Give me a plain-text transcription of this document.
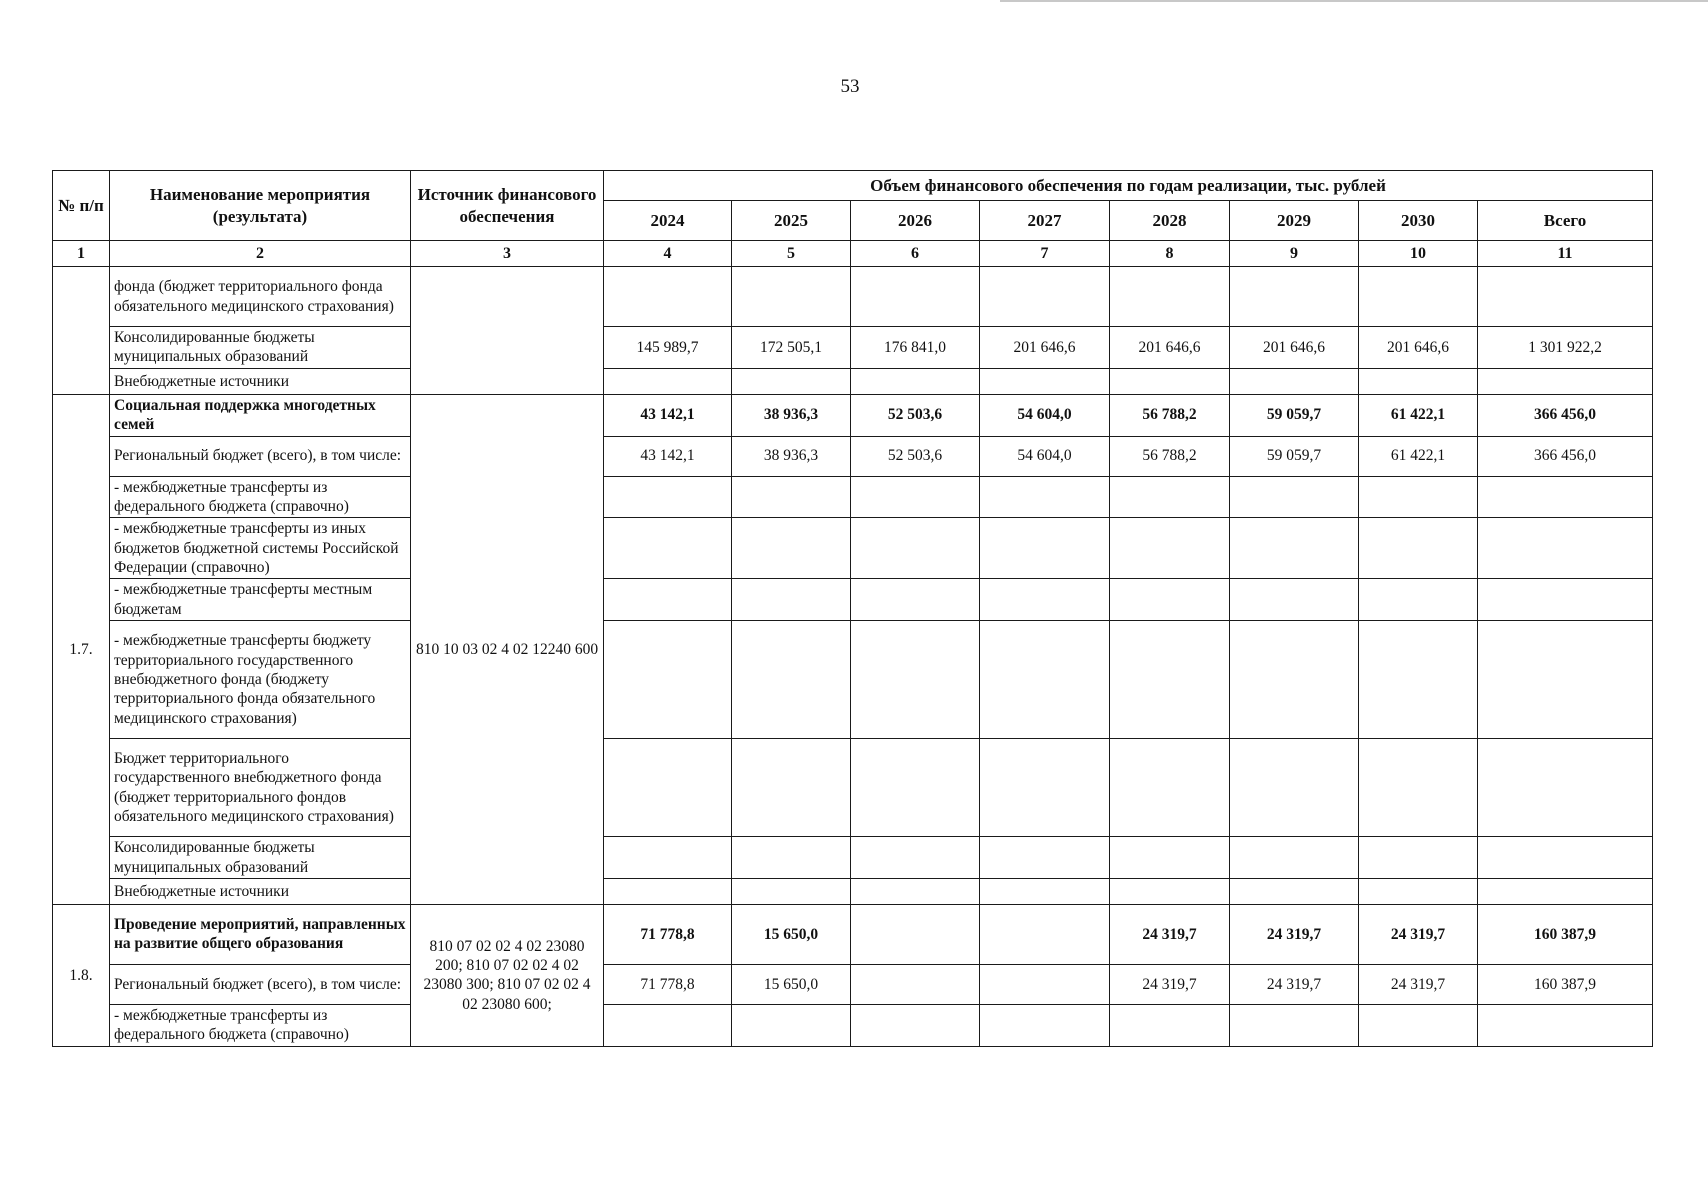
53
№ п/п	Наименование мероприятия (результата)	Источник финансового обеспечения	Объем финансового обеспечения по годам реализации, тыс. рублей							
			2024	2025	2026	2027	2028	2029	2030	Всего
1	2	3	4	5	6	7	8	9	10	11
	фонда (бюджет территориального фонда обязательного медицинского страхования)									
	Консолидированные бюджеты муниципальных образований		145 989,7	172 505,1	176 841,0	201 646,6	201 646,6	201 646,6	201 646,6	1 301 922,2
	Внебюджетные источники									
1.7.	Социальная поддержка многодетных семей	810 10 03 02 4 02 12240 600	43 142,1	38 936,3	52 503,6	54 604,0	56 788,2	59 059,7	61 422,1	366 456,0
	Региональный бюджет (всего), в том числе:		43 142,1	38 936,3	52 503,6	54 604,0	56 788,2	59 059,7	61 422,1	366 456,0
	- межбюджетные трансферты из федерального бюджета (справочно)									
	- межбюджетные трансферты из иных бюджетов бюджетной системы Российской Федерации (справочно)									
	- межбюджетные трансферты местным бюджетам									
	- межбюджетные трансферты бюджету территориального государственного внебюджетного фонда (бюджету территориального фонда обязательного медицинского страхования)									
	Бюджет территориального государственного внебюджетного фонда (бюджет территориального фондов обязательного медицинского страхования)									
	Консолидированные бюджеты муниципальных образований									
	Внебюджетные источники									
1.8.	Проведение мероприятий, направленных на развитие общего образования	810 07 02 02 4 02 23080 200; 810 07 02 02 4 02 23080 300; 810 07 02 02 4 02 23080 600;	71 778,8	15 650,0			24 319,7	24 319,7	24 319,7	160 387,9
	Региональный бюджет (всего), в том числе:		71 778,8	15 650,0			24 319,7	24 319,7	24 319,7	160 387,9
	- межбюджетные трансферты из федерального бюджета (справочно)									
